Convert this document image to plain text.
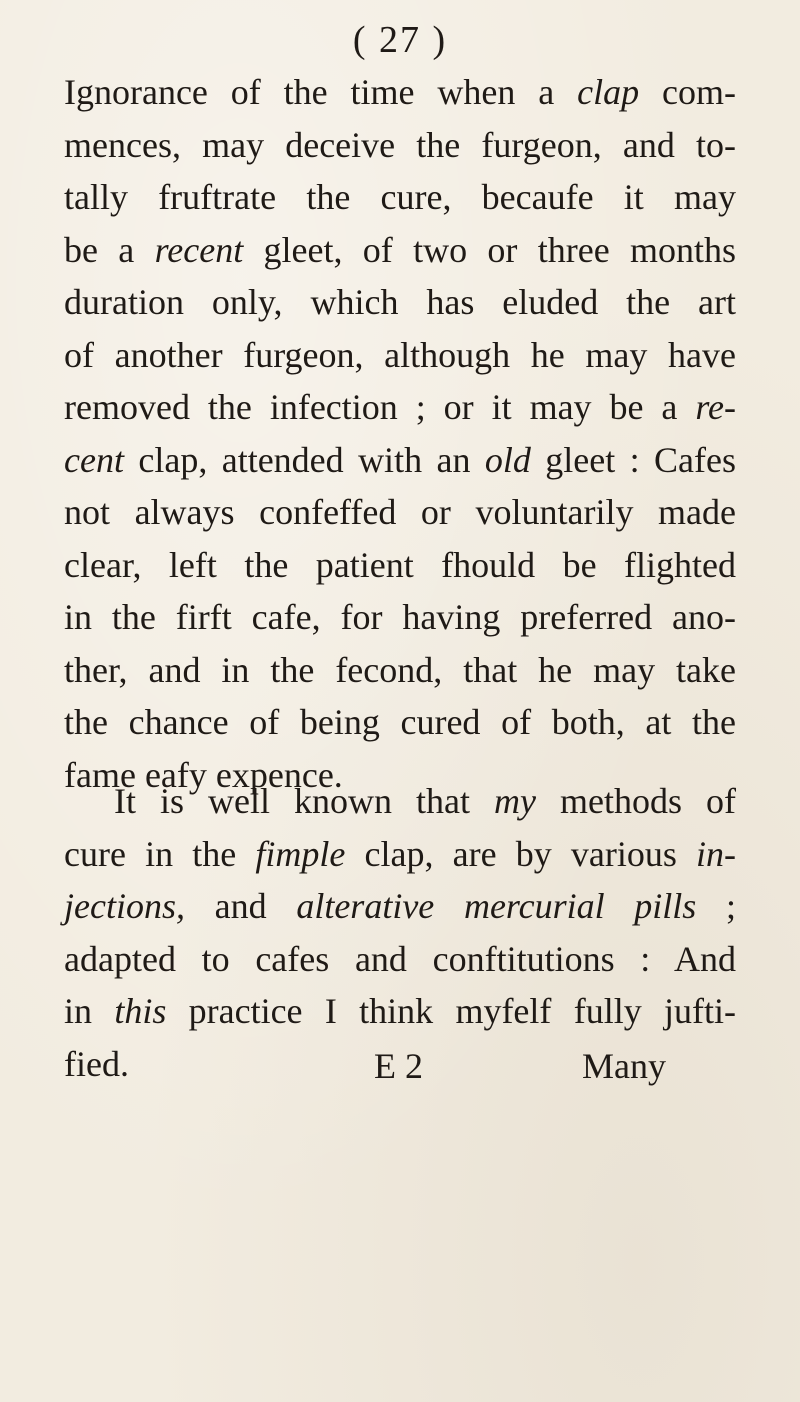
( 27 )
Ignorance of the time when a clap com-
mences, may deceive the furgeon, and to-
tally fruftrate the cure, becaufe it may
be a recent gleet, of two or three months
duration only, which has eluded the art
of another furgeon, although he may have
removed the infection ; or it may be a re-
cent clap, attended with an old gleet : Cafes
not always confeffed or voluntarily made
clear, left the patient fhould be flighted
in the firft cafe, for having preferred ano-
ther, and in the fecond, that he may take
the chance of being cured of both, at the
fame eafy expence.
It is well known that my methods of
cure in the fimple clap, are by various in-
jections, and alterative mercurial pills ;
adapted to cafes and conftitutions : And
in this practice I think myfelf fully jufti-
fied.	E 2	Many
